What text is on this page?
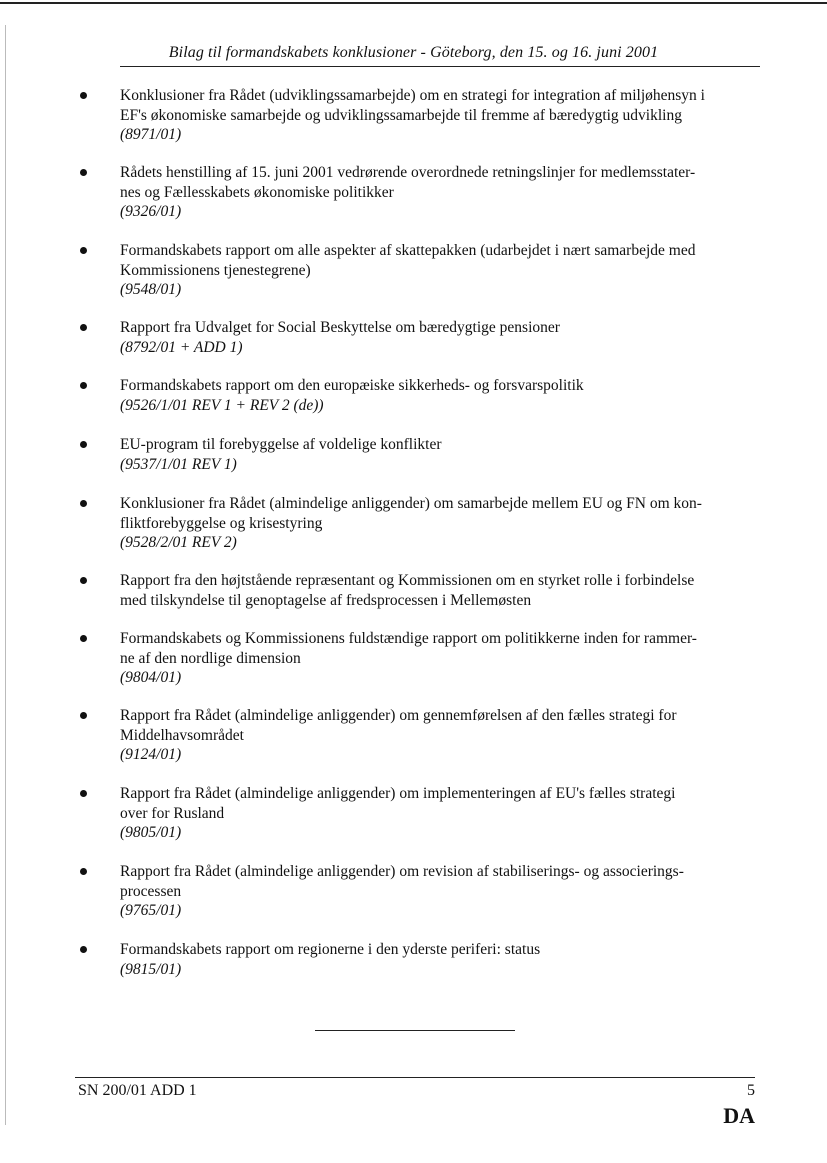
Bilag til formandskabets konklusioner - Göteborg, den 15. og 16. juni 2001
Konklusioner fra Rådet (udviklingssamarbejde) om en strategi for integration af miljøhensyn i
EF's økonomiske samarbejde og udviklingssamarbejde til fremme af bæredygtig udvikling
(8971/01)
Rådets henstilling af 15. juni 2001 vedrørende overordnede retningslinjer for medlemsstater-
nes og Fællesskabets økonomiske politikker
(9326/01)
Formandskabets rapport om alle aspekter af skattepakken (udarbejdet i nært samarbejde med
Kommissionens tjenestegrene)
(9548/01)
Rapport fra Udvalget for Social Beskyttelse om bæredygtige pensioner
(8792/01 + ADD 1)
Formandskabets rapport om den europæiske sikkerheds- og forsvarspolitik
(9526/1/01 REV 1 + REV 2 (de))
EU-program til forebyggelse af voldelige konflikter
(9537/1/01 REV 1)
Konklusioner fra Rådet (almindelige anliggender) om samarbejde mellem EU og FN om kon-
fliktforebyggelse og krisestyring
(9528/2/01 REV 2)
Rapport fra den højtstående repræsentant og Kommissionen om en styrket rolle i forbindelse
med tilskyndelse til genoptagelse af fredsprocessen i Mellemøsten
Formandskabets og Kommissionens fuldstændige rapport om politikkerne inden for rammer-
ne af den nordlige dimension
(9804/01)
Rapport fra Rådet (almindelige anliggender) om gennemførelsen af den fælles strategi for
Middelhavsområdet
(9124/01)
Rapport fra Rådet (almindelige anliggender) om implementeringen af EU's fælles strategi
over for Rusland
(9805/01)
Rapport fra Rådet (almindelige anliggender) om revision af stabiliserings- og associerings-
processen
(9765/01)
Formandskabets rapport om regionerne i den yderste periferi: status
(9815/01)
SN 200/01 ADD 1	5
DA
